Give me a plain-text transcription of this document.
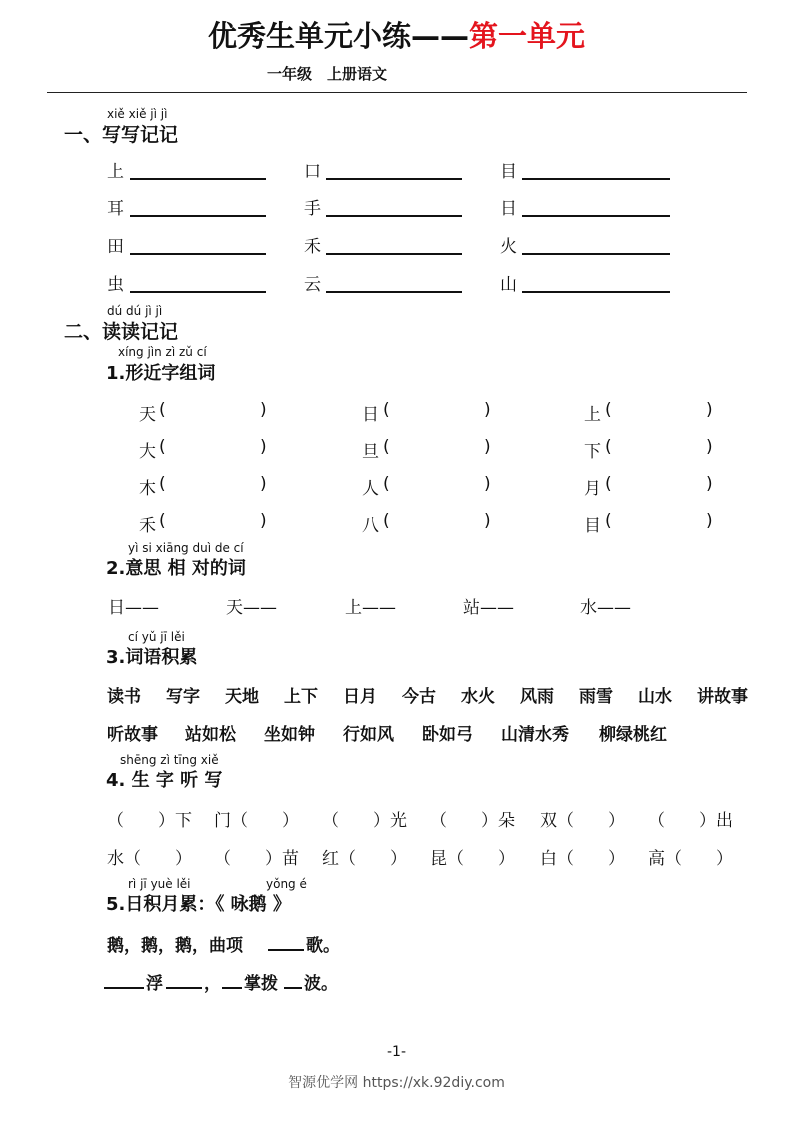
优秀生单元小练——第一单元
一年级　上册语文
xiě xiě jì jì
一、写写记记
上	口	目
耳	手	日
田	禾	火
虫	云	山
dú dú jì jì
二、读读记记
xíng jìn zì zǔ cí
1.形近字组词
天 (	)	日 (	)	上 (	)
大 (	)	旦 (	)	下 (	)
木 (	)	人 (	)	月 (	)
禾 (	)	八 (	)	目 (	)
yì si xiāng duì de cí
2.意思 相 对的词
日——	天——	上——	站——	水——
cí yǔ jī lěi
3.词语积累
读书 写字 天地 上下 日月 今古 水火 风雨 雨雪 山水 讲故事
听故事 站如松 坐如钟 行如风 卧如弓 山清水秀 柳绿桃红
shēng zì tīng xiě
4. 生 字 听 写
（　　）下 门（　　） （　　）光 （　　）朵 双（　　） （　　）出
水（　　） （　　）苗 红（　　） 昆（　　） 白（　　） 高（　　）
rì jī yuè lěi	yǒng é
5.日积月累：《 咏鹅 》
鹅，鹅，鹅，曲项	歌。
浮 ， 掌拨 波。
-1-
智源优学网 https://xk.92diy.com
